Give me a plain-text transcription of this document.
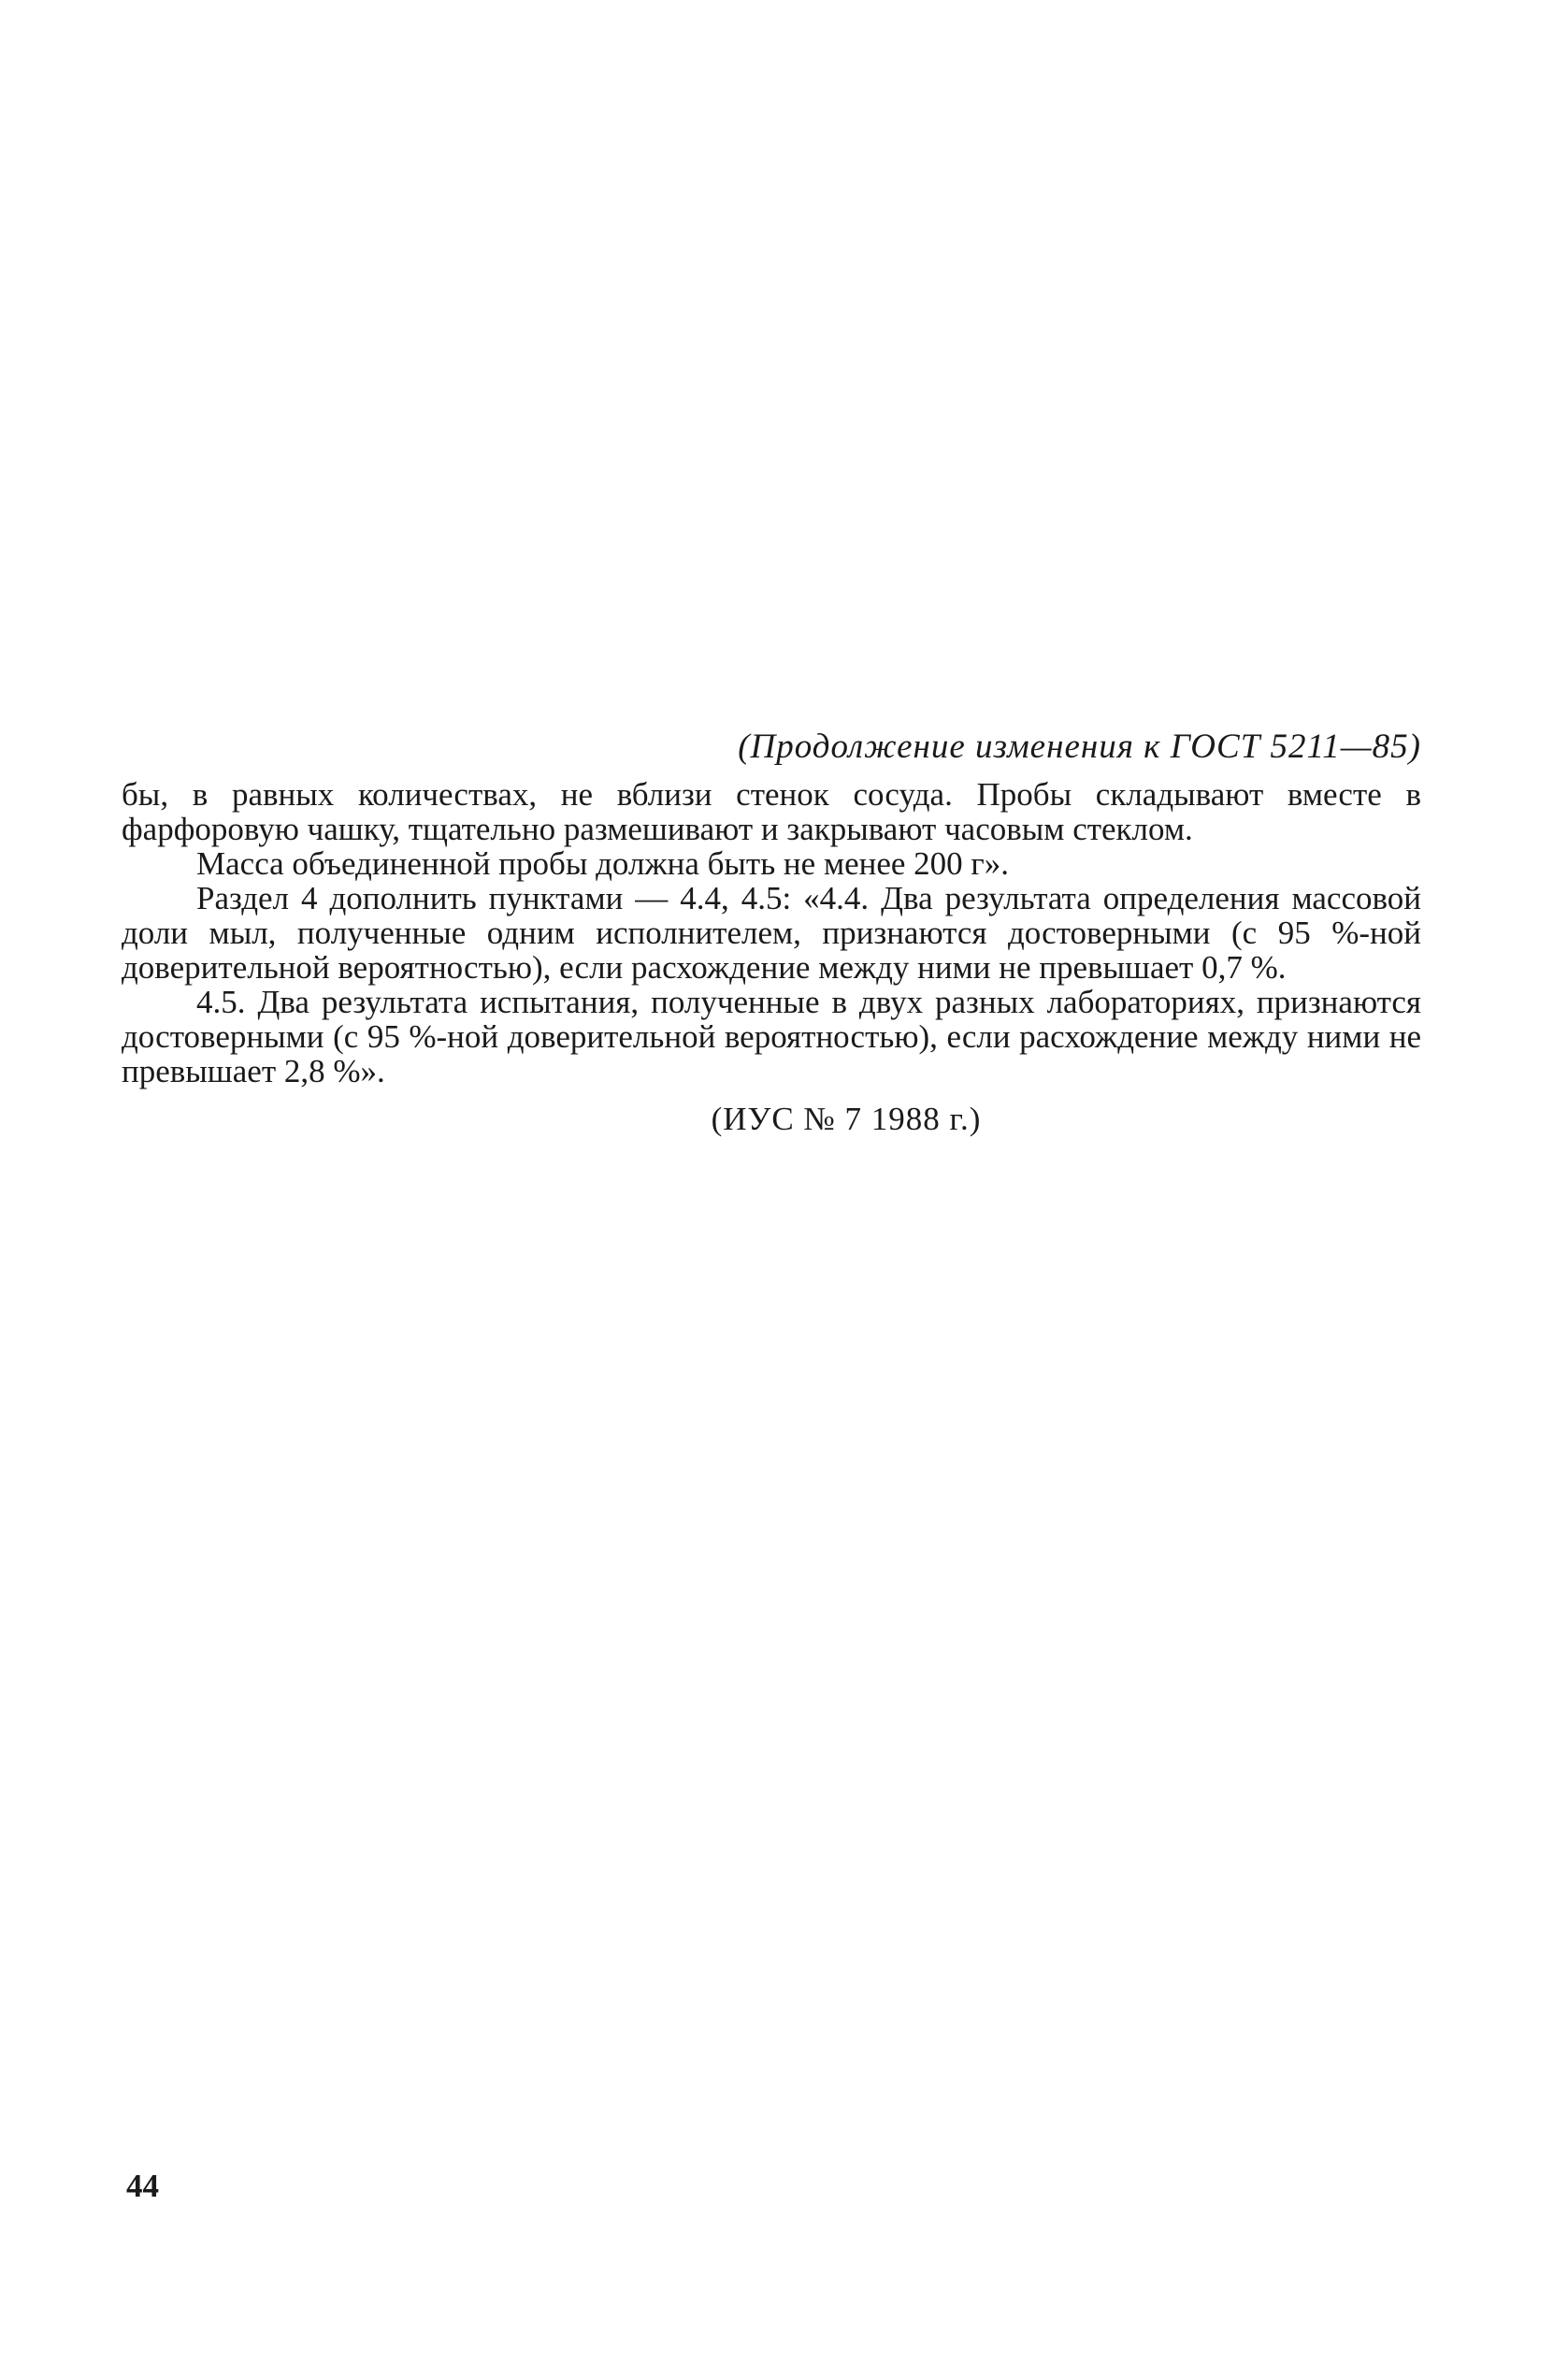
(Продолжение изменения к ГОСТ 5211—85)

бы, в равных количествах, не вблизи стенок сосуда. Пробы складывают вместе в фарфоровую чашку, тщательно размешивают и закрывают часовым стеклом.

Масса объединенной пробы должна быть не менее 200 г».

Раздел 4 дополнить пунктами — 4.4, 4.5: «4.4. Два результата определения массовой доли мыл, полученные одним исполнителем, признаются достоверными (с 95 %-ной доверительной вероятностью), если расхождение между ними не превышает 0,7 %.

4.5. Два результата испытания, полученные в двух разных лабораториях, признаются достоверными (с 95 %-ной доверительной вероятностью), если расхождение между ними не превышает 2,8 %».

(ИУС № 7 1988 г.)
44
